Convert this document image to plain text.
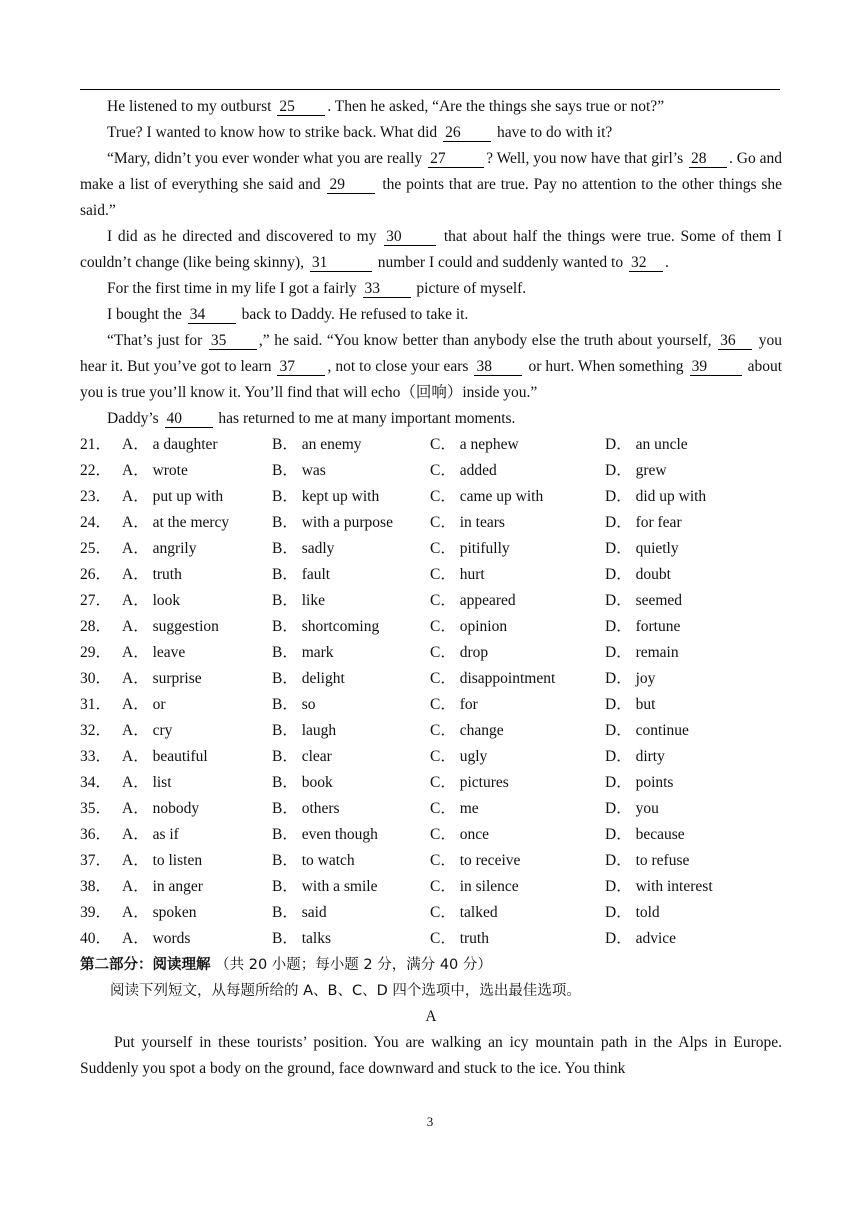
He listened to my outburst 25 . Then he asked, “Are the things she says true or not?”
True? I wanted to know how to strike back. What did 26 have to do with it?
“Mary, didn’t you ever wonder what you are really 27	? Well, you now have that girl’s 28 . Go and make a list of everything she said and 29 the points that are true. Pay no attention to the other things she said.”
I did as he directed and discovered to my 30 that about half the things were true. Some of them I couldn’t change (like being skinny), 31	number I could and suddenly wanted to 32 .
For the first time in my life I got a fairly 33 picture of myself.
I bought the 34 back to Daddy. He refused to take it.
“That’s just for 35 ,” he said. “You know better than anybody else the truth about yourself, 36 you hear it. But you’ve got to learn 37 , not to close your ears 38 or hurt. When something 39 about you is true you’ll know it. You’ll find that will echo（回响）inside you.”
Daddy’s 40 has returned to me at many important moments.
21． A． a daughter	B． an enemy	C． a nephew	D． an uncle
22． A． wrote	B． was	C． added	D． grew
23． A． put up with	B． kept up with	C． came up with	D． did up with
24． A． at the mercy	B． with a purpose	C． in tears	D． for fear
25． A． angrily	B． sadly	C． pitifully	D． quietly
26． A． truth	B． fault	C． hurt	D． doubt
27． A． look	B． like	C． appeared	D． seemed
28． A． suggestion	B． shortcoming	C． opinion	D． fortune
29． A． leave	B． mark	C． drop	D． remain
30． A． surprise	B． delight	C． disappointment	D． joy
31． A． or	B． so	C． for	D． but
32． A． cry	B． laugh	C． change	D． continue
33． A． beautiful	B． clear	C． ugly	D． dirty
34． A． list	B． book	C． pictures	D． points
35． A． nobody	B． others	C． me	D． you
36． A． as if	B． even though	C． once	D． because
37． A． to listen	B． to watch	C． to receive	D． to refuse
38． A． in anger	B． with a smile	C． in silence	D． with interest
39． A． spoken	B． said	C． talked	D． told
40． A． words	B． talks	C． truth	D． advice
第二部分：阅读理解 （共 20 小题；每小题 2 分，满分 40 分）
阅读下列短文，从每题所给的 A、B、C、D 四个选项中，选出最佳选项。
A
Put yourself in these tourists’ position. You are walking an icy mountain path in the Alps in Europe. Suddenly you spot a body on the ground, face downward and stuck to the ice. You think
3
